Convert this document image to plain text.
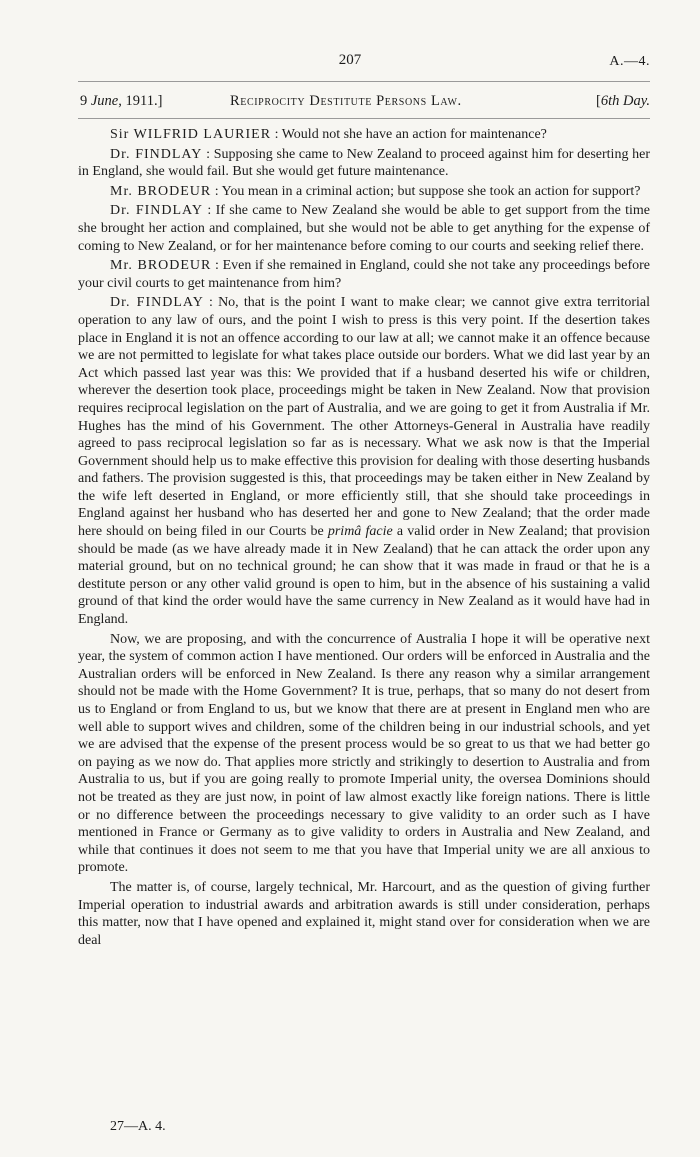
207	A.—4.
9 June, 1911.]	Reciprocity Destitute Persons Law.	[6th Day.

Sir WILFRID LAURIER : Would not she have an action for maintenance?

Dr. FINDLAY : Supposing she came to New Zealand to proceed against him for deserting her in England, she would fail. But she would get future maintenance.

Mr. BRODEUR : You mean in a criminal action; but suppose she took an action for support?

Dr. FINDLAY : If she came to New Zealand she would be able to get support from the time she brought her action and complained, but she would not be able to get anything for the expense of coming to New Zealand, or for her maintenance before coming to our courts and seeking relief there.

Mr. BRODEUR : Even if she remained in England, could she not take any proceedings before your civil courts to get maintenance from him?

Dr. FINDLAY : No, that is the point I want to make clear; we cannot give extra territorial operation to any law of ours, and the point I wish to press is this very point. If the desertion takes place in England it is not an offence according to our law at all; we cannot make it an offence because we are not permitted to legislate for what takes place outside our borders. What we did last year by an Act which passed last year was this: We provided that if a husband deserted his wife or children, wherever the desertion took place, proceedings might be taken in New Zealand. Now that provision requires reciprocal legislation on the part of Australia, and we are going to get it from Australia if Mr. Hughes has the mind of his Government. The other Attorneys-General in Australia have readily agreed to pass reciprocal legislation so far as is necessary. What we ask now is that the Imperial Government should help us to make effective this provision for dealing with those deserting husbands and fathers. The provision suggested is this, that proceedings may be taken either in New Zealand by the wife left deserted in England, or more efficiently still, that she should take proceedings in England against her husband who has deserted her and gone to New Zealand; that the order made here should on being filed in our Courts be primâ facie a valid order in New Zealand; that provision should be made (as we have already made it in New Zealand) that he can attack the order upon any material ground, but on no technical ground; he can show that it was made in fraud or that he is a destitute person or any other valid ground is open to him, but in the absence of his sustaining a valid ground of that kind the order would have the same currency in New Zealand as it would have had in England.

Now, we are proposing, and with the concurrence of Australia I hope it will be operative next year, the system of common action I have mentioned. Our orders will be enforced in Australia and the Australian orders will be enforced in New Zealand. Is there any reason why a similar arrangement should not be made with the Home Government? It is true, perhaps, that so many do not desert from us to England or from England to us, but we know that there are at present in England men who are well able to support wives and children, some of the children being in our industrial schools, and yet we are advised that the expense of the present process would be so great to us that we had better go on paying as we now do. That applies more strictly and strikingly to desertion to Australia and from Australia to us, but if you are going really to promote Imperial unity, the oversea Dominions should not be treated as they are just now, in point of law almost exactly like foreign nations. There is little or no difference between the proceedings necessary to give validity to an order such as I have mentioned in France or Germany as to give validity to orders in Australia and New Zealand, and while that continues it does not seem to me that you have that Imperial unity we are all anxious to promote.

The matter is, of course, largely technical, Mr. Harcourt, and as the question of giving further Imperial operation to industrial awards and arbitration awards is still under consideration, perhaps this matter, now that I have opened and explained it, might stand over for consideration when we are deal

27—A. 4.
